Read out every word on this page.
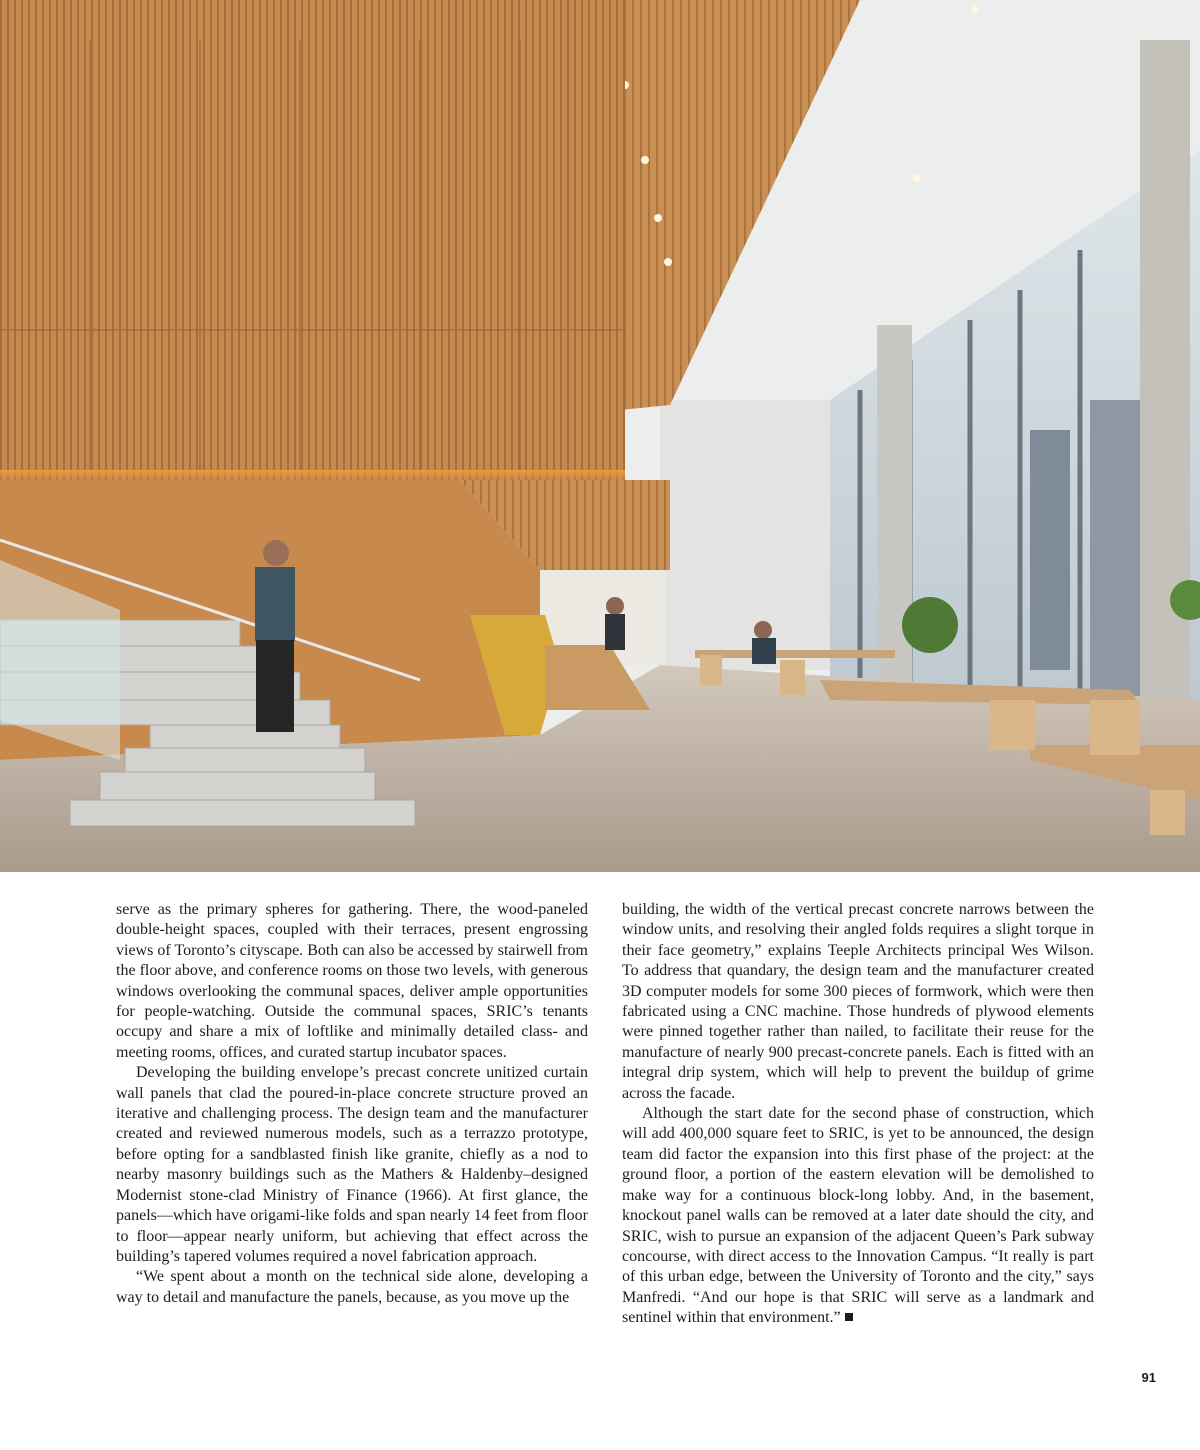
serve as the primary spheres for gathering. There, the wood-paneled double-height spaces, coupled with their terraces, present engrossing views of Toronto’s cityscape. Both can also be accessed by stairwell from the floor above, and conference rooms on those two levels, with generous windows overlooking the communal spaces, deliver ample opportunities for people-watching. Outside the communal spaces, SRIC’s tenants occupy and share a mix of loftlike and minimally detailed class- and meeting rooms, offices, and curated startup incubator spaces.

Developing the building envelope’s precast concrete unitized curtain wall panels that clad the poured-in-place concrete structure proved an iterative and challenging process. The design team and the manufacturer created and reviewed numerous models, such as a terrazzo prototype, before opting for a sandblasted finish like granite, chiefly as a nod to nearby masonry buildings such as the Mathers & Haldenby–designed Modernist stone-clad Ministry of Finance (1966). At first glance, the panels—which have origami-like folds and span nearly 14 feet from floor to floor—appear nearly uniform, but achieving that effect across the building’s tapered volumes required a novel fabrication approach.

“We spent about a month on the technical side alone, developing a way to detail and manufacture the panels, because, as you move up the

building, the width of the vertical precast concrete narrows between the window units, and resolving their angled folds requires a slight torque in their face geometry,” explains Teeple Architects principal Wes Wilson. To address that quandary, the design team and the manufacturer created 3D computer models for some 300 pieces of formwork, which were then fabricated using a CNC machine. Those hundreds of plywood elements were pinned together rather than nailed, to facilitate their reuse for the manufacture of nearly 900 precast-concrete panels. Each is fitted with an integral drip system, which will help to prevent the buildup of grime across the facade.

Although the start date for the second phase of construction, which will add 400,000 square feet to SRIC, is yet to be announced, the design team did factor the expansion into this first phase of the project: at the ground floor, a portion of the eastern elevation will be demolished to make way for a continuous block-long lobby. And, in the basement, knockout panel walls can be removed at a later date should the city, and SRIC, wish to pursue an expansion of the adjacent Queen’s Park subway concourse, with direct access to the Innovation Campus. “It really is part of this urban edge, between the University of Toronto and the city,” says Manfredi. “And our hope is that SRIC will serve as a landmark and sentinel within that environment.”

91
